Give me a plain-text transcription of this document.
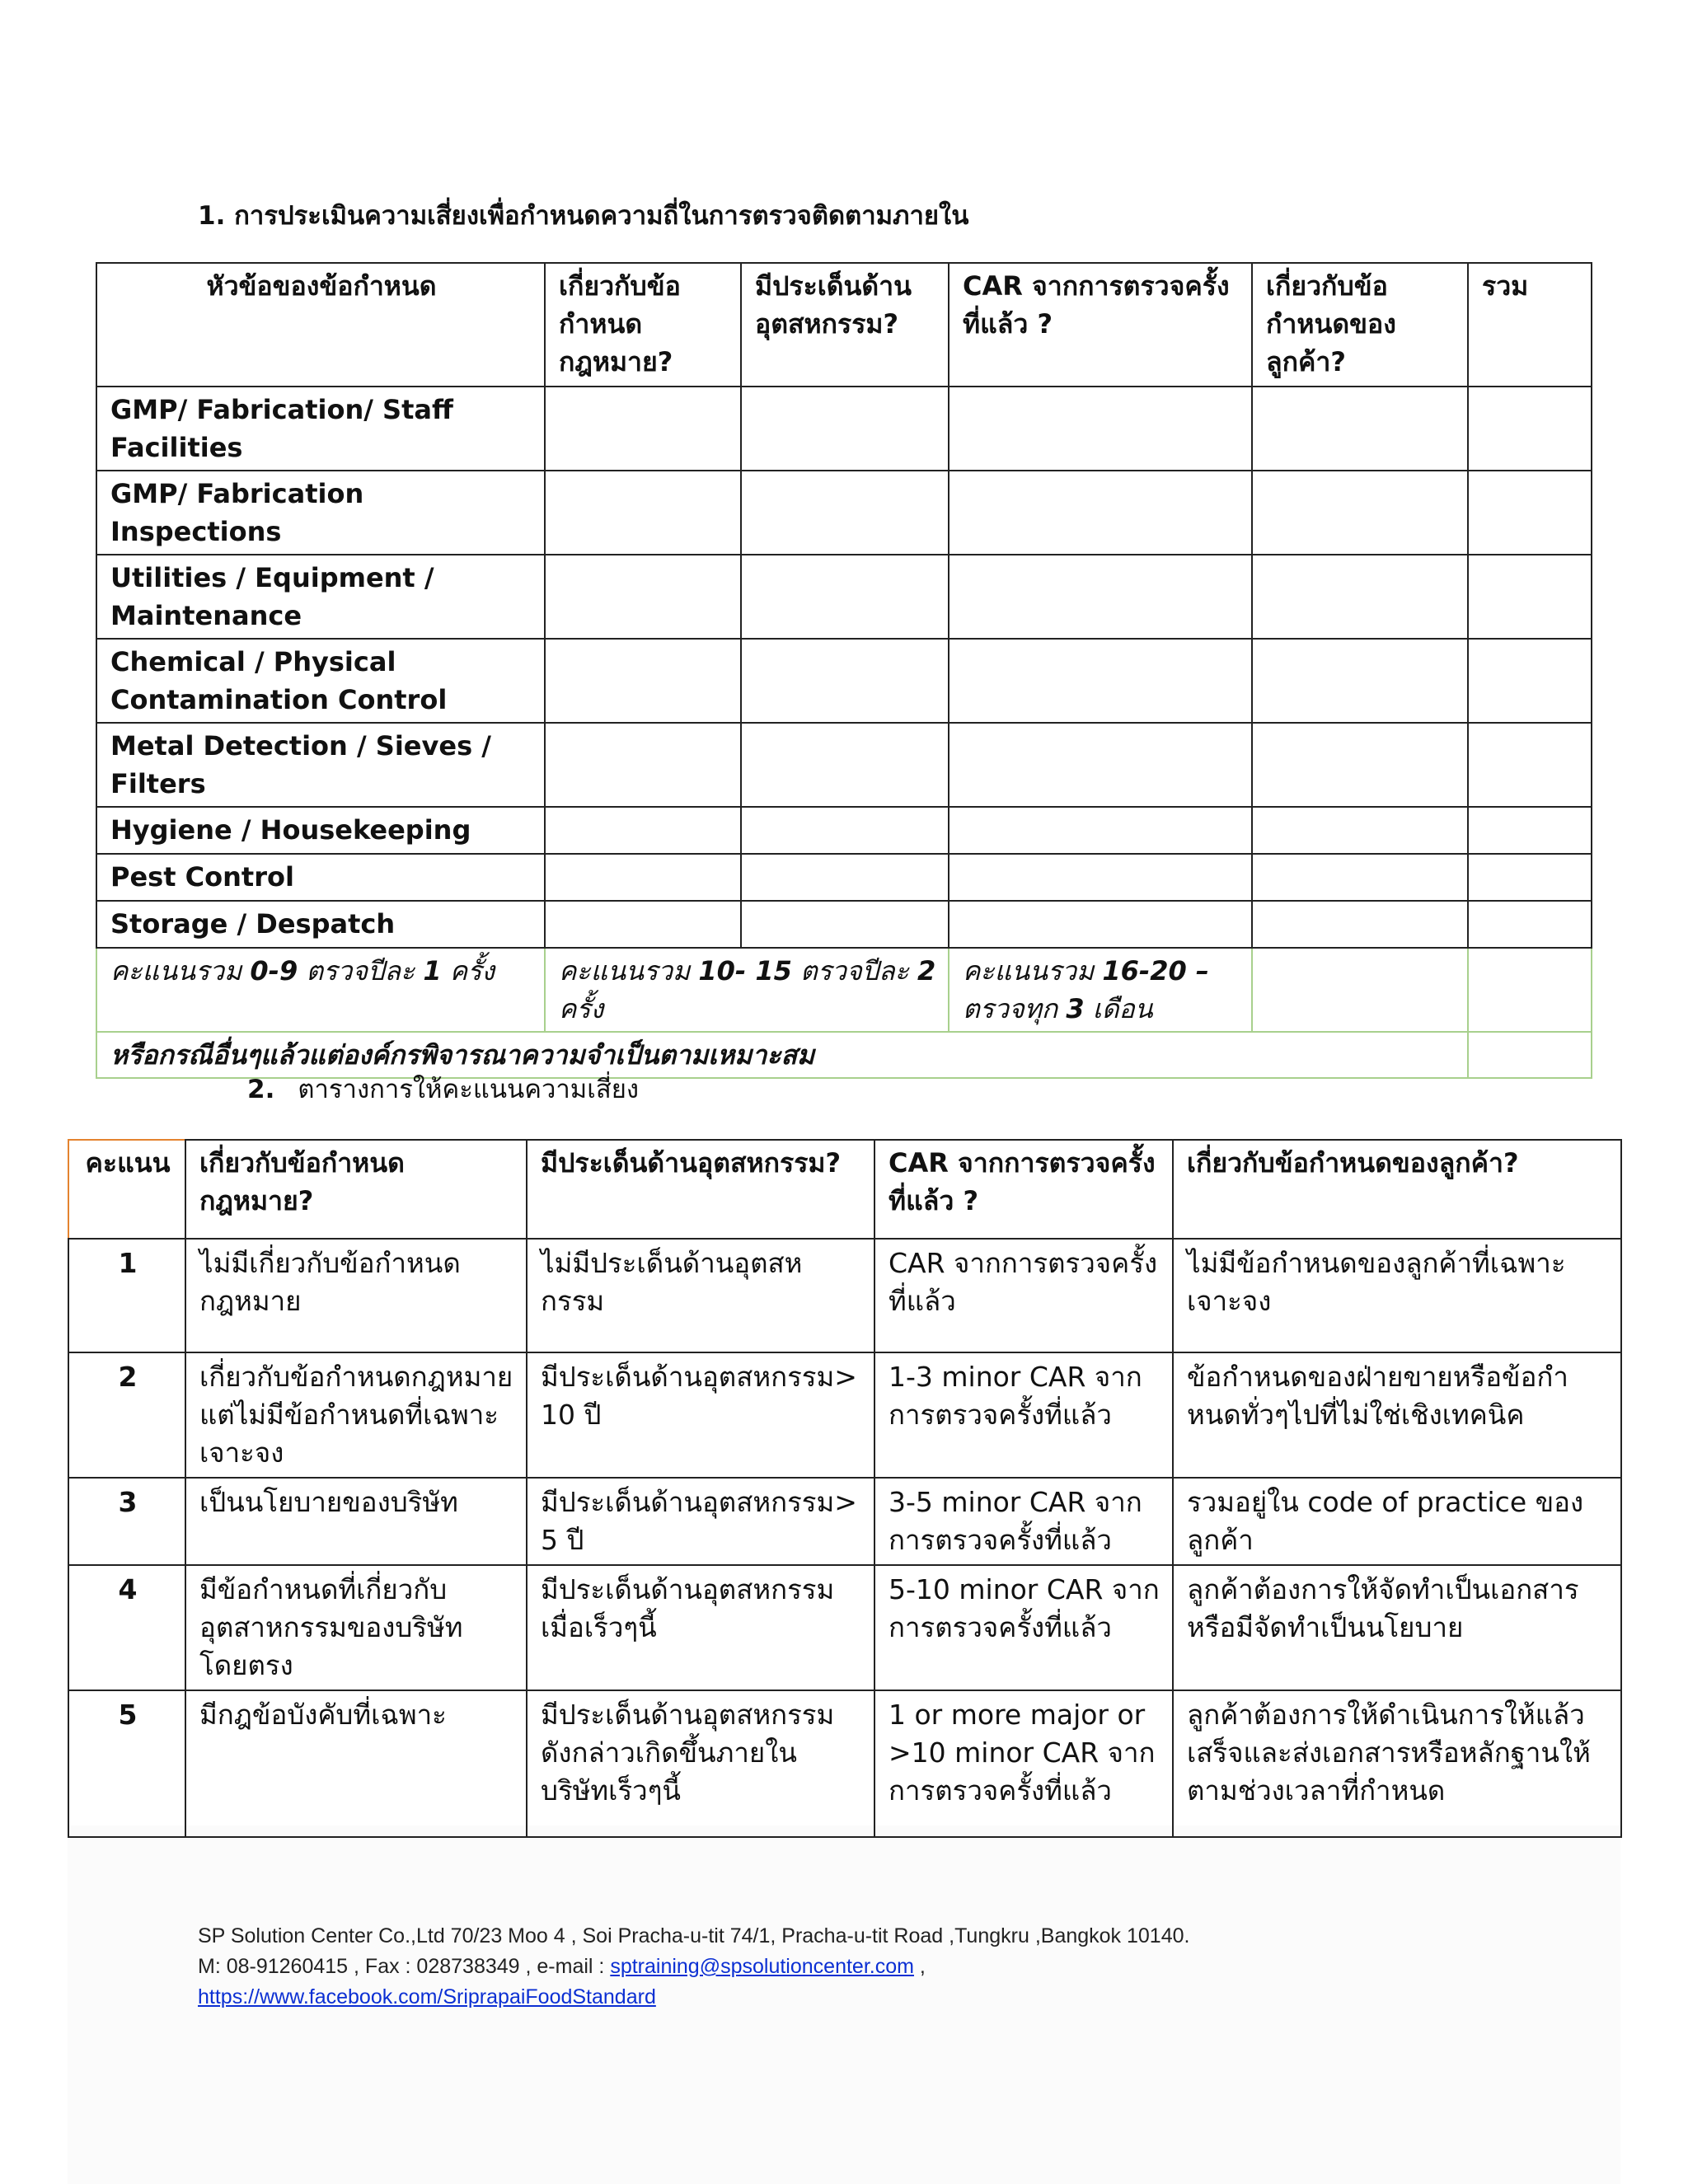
1. การประเมินความเสี่ยงเพื่อกำหนดความถี่ในการตรวจติดตามภายใน
หัวข้อของข้อกำหนด	เกี่ยวกับข้อกำหนดกฎหมาย?	มีประเด็นด้านอุตสหกรรม?	CAR จากการตรวจครั้งที่แล้ว ?	เกี่ยวกับข้อกำหนดของลูกค้า?	รวม
GMP/ Fabrication/ Staff Facilities					
GMP/ Fabrication Inspections					
Utilities / Equipment / Maintenance					
Chemical / Physical Contamination Control					
Metal Detection / Sieves / Filters					
Hygiene / Housekeeping					
Pest Control					
Storage / Despatch					
คะแนนรวม 0-9 ตรวจปีละ 1 ครั้ง	คะแนนรวม 10- 15 ตรวจปีละ 2 ครั้ง		คะแนนรวม 16-20 – ตรวจทุก 3 เดือน		
หรือกรณีอื่นๆแล้วแต่องค์กรพิจารณาความจำเป็นตามเหมาะสม					
2. ตารางการให้คะแนนความเสี่ยง
คะแนน	เกี่ยวกับข้อกำหนดกฎหมาย?	มีประเด็นด้านอุตสหกรรม?	CAR จากการตรวจครั้งที่แล้ว ?	เกี่ยวกับข้อกำหนดของลูกค้า?
1	ไม่มีเกี่ยวกับข้อกำหนดกฎหมาย	ไม่มีประเด็นด้านอุตสหกรรม	CAR จากการตรวจครั้งที่แล้ว	ไม่มีข้อกำหนดของลูกค้าที่เฉพาะเจาะจง
2	เกี่ยวกับข้อกำหนดกฎหมายแต่ไม่มีข้อกำหนดที่เฉพาะเจาะจง	มีประเด็นด้านอุตสหกรรม> 10 ปี	1-3 minor CAR จากการตรวจครั้งที่แล้ว	ข้อกำหนดของฝ่ายขายหรือข้อกำหนดทั่วๆไปที่ไม่ใช่เชิงเทคนิค
3	เป็นนโยบายของบริษัท	มีประเด็นด้านอุตสหกรรม> 5 ปี	3-5 minor CAR จากการตรวจครั้งที่แล้ว	รวมอยู่ใน code of practice ของลูกค้า
4	มีข้อกำหนดที่เกี่ยวกับอุตสาหกรรมของบริษัทโดยตรง	มีประเด็นด้านอุตสหกรรมเมื่อเร็วๆนี้	5-10 minor CAR จากการตรวจครั้งที่แล้ว	ลูกค้าต้องการให้จัดทำเป็นเอกสารหรือมีจัดทำเป็นนโยบาย
5	มีกฎข้อบังคับที่เฉพาะ	มีประเด็นด้านอุตสหกรรมดังกล่าวเกิดขึ้นภายในบริษัทเร็วๆนี้	1 or more major or >10 minor CAR จากการตรวจครั้งที่แล้ว	ลูกค้าต้องการให้ดำเนินการให้แล้วเสร็จและส่งเอกสารหรือหลักฐานให้ตามช่วงเวลาที่กำหนด
SP Solution Center Co.,Ltd 70/23 Moo 4 , Soi Pracha-u-tit 74/1, Pracha-u-tit Road ,Tungkru ,Bangkok 10140.
M: 08-91260415 , Fax : 028738349 , e-mail : sptraining@spsolutioncenter.com ,
https://www.facebook.com/SriprapaiFoodStandard
